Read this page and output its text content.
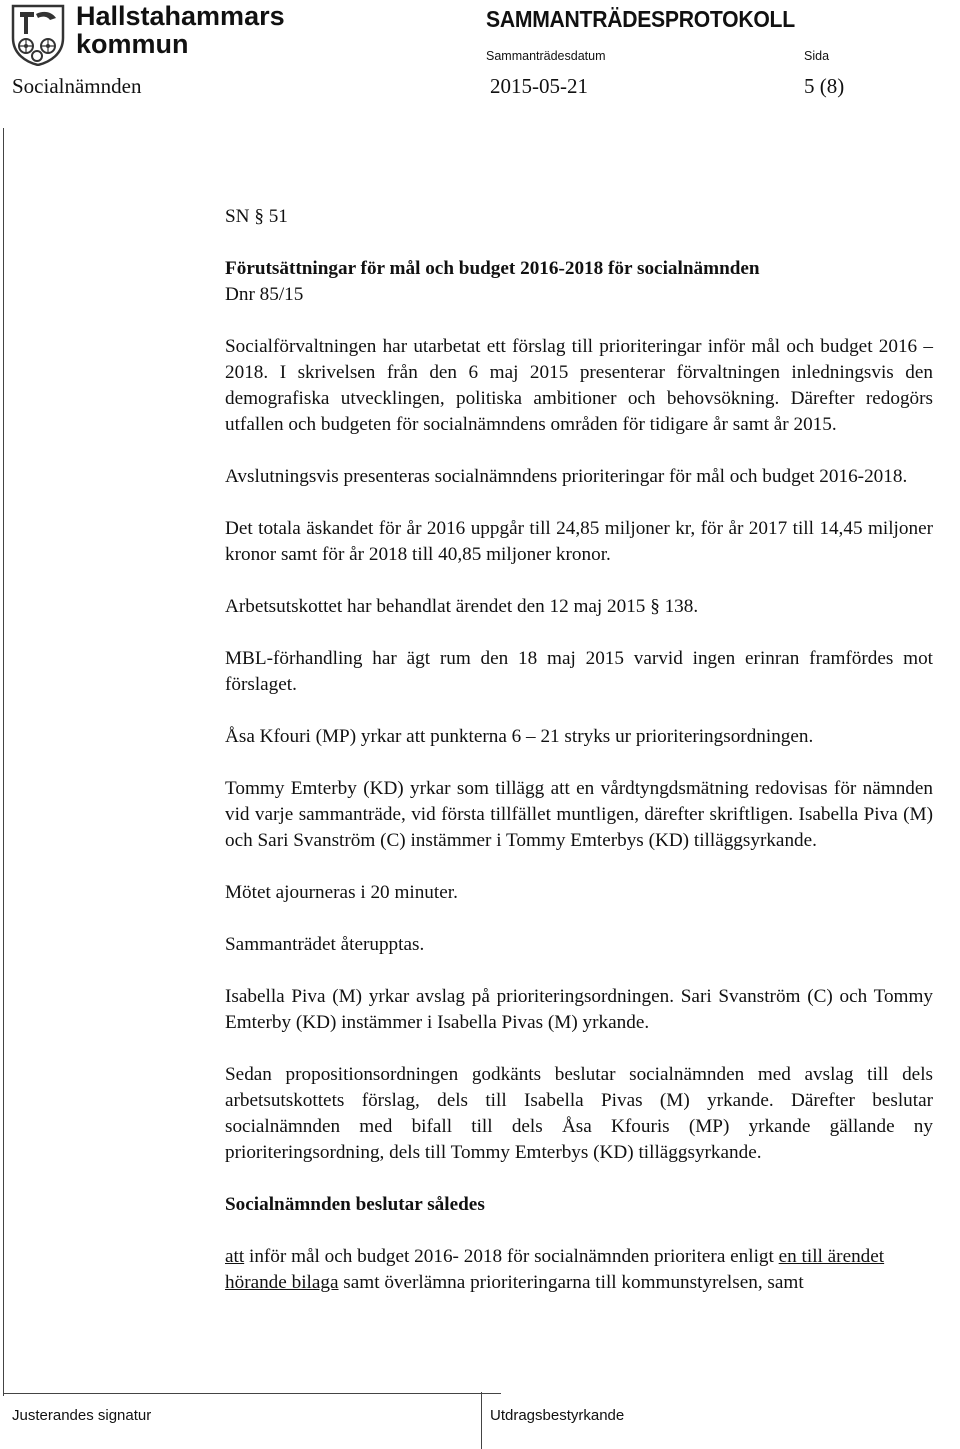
Hallstahammars
kommun
SAMMANTRÄDESPROTOKOLL
Sammanträdesdatum	Sida
Socialnämnden	2015-05-21	5 (8)

SN § 51

Förutsättningar för mål och budget 2016-2018 för socialnämnden

Dnr 85/15

Socialförvaltningen har utarbetat ett förslag till prioriteringar inför mål och budget 2016 – 2018. I skrivelsen från den 6 maj 2015 presenterar förvaltningen inledningsvis den demografiska utvecklingen, politiska ambitioner och behovsökning. Därefter redogörs utfallen och budgeten för socialnämndens områden för tidigare år samt år 2015.

Avslutningsvis presenteras socialnämndens prioriteringar för mål och budget 2016-2018.

Det totala äskandet för år 2016 uppgår till 24,85 miljoner kr, för år 2017 till 14,45 miljoner kronor samt för år 2018 till 40,85 miljoner kronor.

Arbetsutskottet har behandlat ärendet den 12 maj 2015 § 138.

MBL-förhandling har ägt rum den 18 maj 2015 varvid ingen erinran framfördes mot förslaget.

Åsa Kfouri (MP) yrkar att punkterna 6 – 21 stryks ur prioriteringsordningen.

Tommy Emterby (KD) yrkar som tillägg att en vårdtyngdsmätning redovisas för nämnden vid varje sammanträde, vid första tillfället muntligen, därefter skriftligen. Isabella Piva (M) och Sari Svanström (C) instämmer i Tommy Emterbys (KD) tilläggsyrkande.

Mötet ajourneras i 20 minuter.

Sammanträdet återupptas.

Isabella Piva (M) yrkar avslag på prioriteringsordningen. Sari Svanström (C) och Tommy Emterby (KD) instämmer i Isabella Pivas (M) yrkande.

Sedan propositionsordningen godkänts beslutar socialnämnden med avslag till dels arbetsutskottets förslag, dels till Isabella Pivas (M) yrkande. Därefter beslutar socialnämnden med bifall till dels Åsa Kfouris (MP) yrkande gällande ny prioriteringsordning, dels till Tommy Emterbys (KD) tilläggsyrkande.

Socialnämnden beslutar således

att inför mål och budget 2016- 2018 för socialnämnden prioritera enligt en till ärendet hörande bilaga samt överlämna prioriteringarna till kommunstyrelsen, samt

Justerandes signatur	Utdragsbestyrkande
